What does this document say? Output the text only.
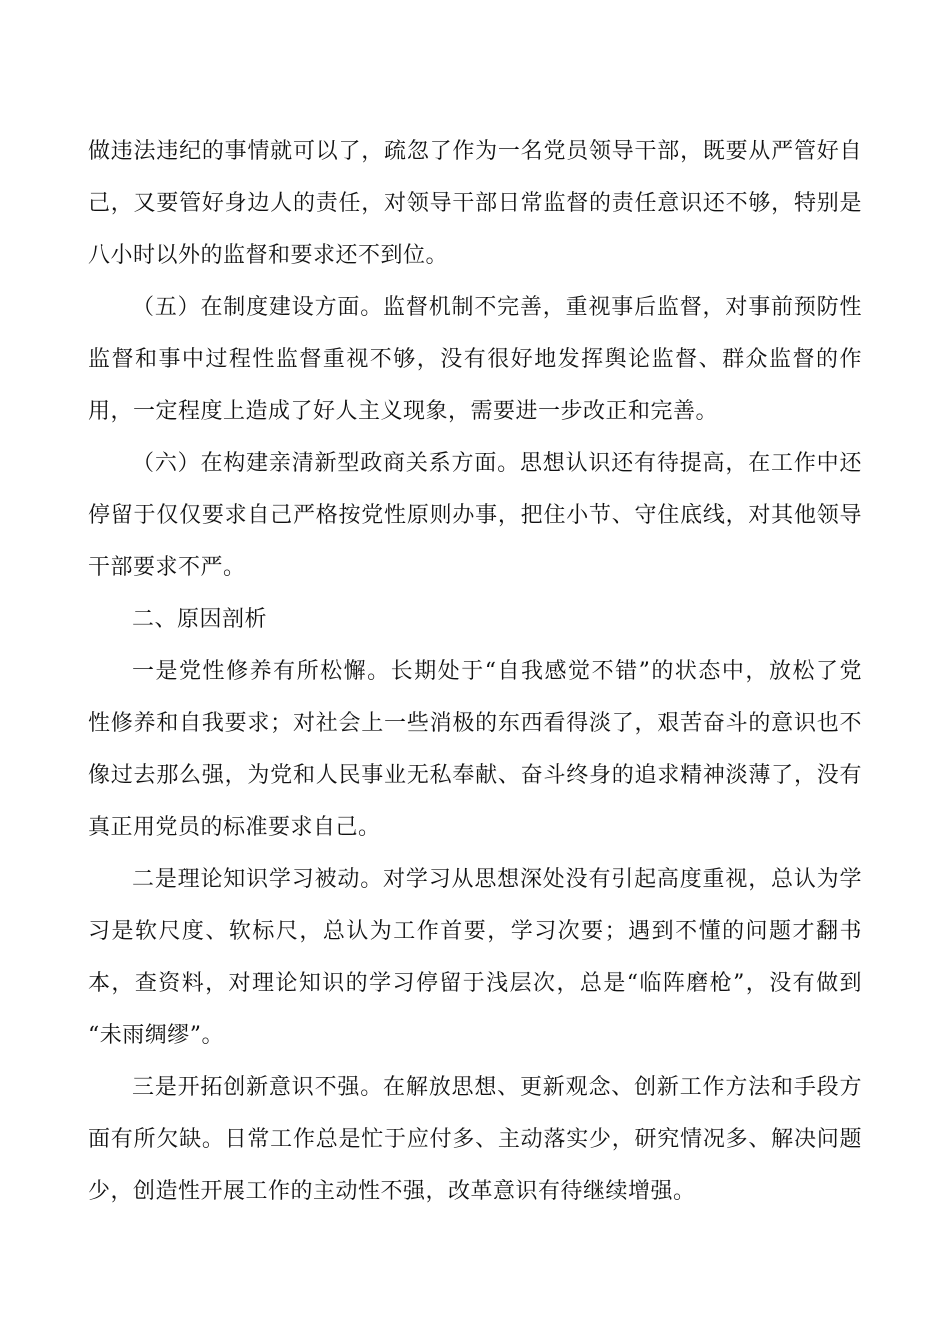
做违法违纪的事情就可以了，疏忽了作为一名党员领导干部，既要从严管好自
己，又要管好身边人的责任，对领导干部日常监督的责任意识还不够，特别是
八小时以外的监督和要求还不到位。
（五）在制度建设方面。监督机制不完善，重视事后监督，对事前预防性
监督和事中过程性监督重视不够，没有很好地发挥舆论监督、群众监督的作
用，一定程度上造成了好人主义现象，需要进一步改正和完善。
（六）在构建亲清新型政商关系方面。思想认识还有待提高，在工作中还
停留于仅仅要求自己严格按党性原则办事，把住小节、守住底线，对其他领导
干部要求不严。
二、原因剖析
一是党性修养有所松懈。长期处于“自我感觉不错”的状态中，放松了党
性修养和自我要求；对社会上一些消极的东西看得淡了，艰苦奋斗的意识也不
像过去那么强，为党和人民事业无私奉献、奋斗终身的追求精神淡薄了，没有
真正用党员的标准要求自己。
二是理论知识学习被动。对学习从思想深处没有引起高度重视，总认为学
习是软尺度、软标尺，总认为工作首要，学习次要；遇到不懂的问题才翻书
本，查资料，对理论知识的学习停留于浅层次，总是“临阵磨枪”，没有做到
“未雨绸缪”。
三是开拓创新意识不强。在解放思想、更新观念、创新工作方法和手段方
面有所欠缺。日常工作总是忙于应付多、主动落实少，研究情况多、解决问题
少，创造性开展工作的主动性不强，改革意识有待继续增强。
